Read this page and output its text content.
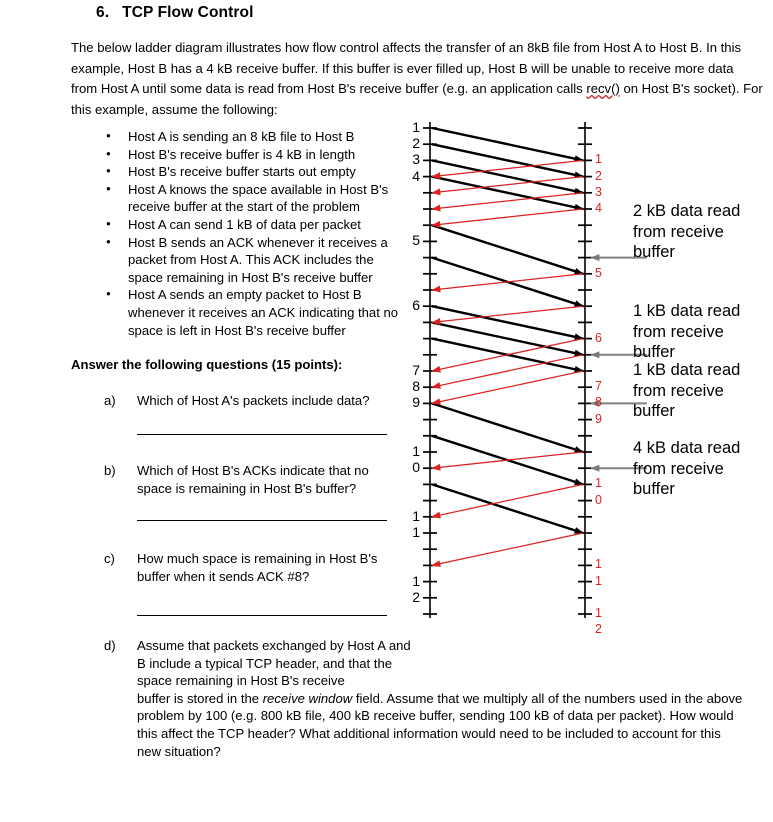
6. TCP Flow Control
The below ladder diagram illustrates how flow control affects the transfer of an 8kB file from Host A to Host B. In this example, Host B has a 4 kB receive buffer. If this buffer is ever filled up, Host B will be unable to receive more data from Host A until some data is read from Host B's receive buffer (e.g. an application calls recv() on Host B's socket). For this example, assume the following:
● Host A is sending an 8 kB file to Host B
● Host B's receive buffer is 4 kB in length
● Host B's receive buffer starts out empty
● Host A knows the space available in Host B's receive buffer at the start of the problem
● Host A can send 1 kB of data per packet
● Host B sends an ACK whenever it receives a packet from Host A. This ACK includes the space remaining in Host B's receive buffer
● Host A sends an empty packet to Host B whenever it receives an ACK indicating that no space is left in Host B's receive buffer
Answer the following questions (15 points):
a)	Which of Host A's packets include data?
b)	Which of Host B's ACKs indicate that no space is remaining in Host B's buffer?
c)	How much space is remaining in Host B's buffer when it sends ACK #8?
d)	Assume that packets exchanged by Host A and B include a typical TCP header, and that the space remaining in Host B's receive
buffer is stored in the receive window field. Assume that we multiply all of the numbers used in the above problem by 100 (e.g. 800 kB file, 400 kB receive buffer, sending 100 kB of data per packet). How would this affect the TCP header? What additional information would need to be included to account for this new situation?
1
2
3
4
5
6
7
8
9
1
0
1
1
1
2
1
2
3
4
5
6
7
8
9
1
0
1
1
1
2
2 kB data read
from receive
buffer
1 kB data read
from receive
buffer
1 kB data read
from receive
buffer
4 kB data read
from receive
buffer
